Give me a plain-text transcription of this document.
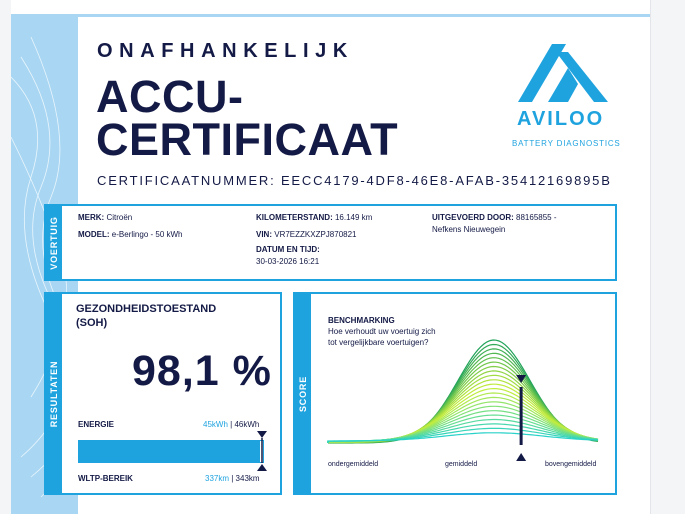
ONAFHANKELIJK
ACCU-
CERTIFICAAT
CERTIFICAATNUMMER: EECC4179-4DF8-46E8-AFAB-35412169895B
AVILOO
BATTERY DIAGNOSTICS
VOERTUIG MERK: Citroën
MODEL: e-Berlingo - 50 kWh
KILOMETERSTAND: 16.149 km
VIN: VR7EZZKXZPJ870821
DATUM EN TIJD:
30-03-2026 16:21
UITGEVOERD DOOR: 88165855 -
Nefkens Nieuwegein
RESULTATEN
GEZONDHEIDSTOESTAND
(SOH)
98,1 %
ENERGIE	45kWh | 46kWh
WLTP-BEREIK	337km | 343km
SCORE
BENCHMARKING
Hoe verhoudt uw voertuig zich tot vergelijkbare voertuigen?
ondergemiddeld	gemiddeld	bovengemiddeld
